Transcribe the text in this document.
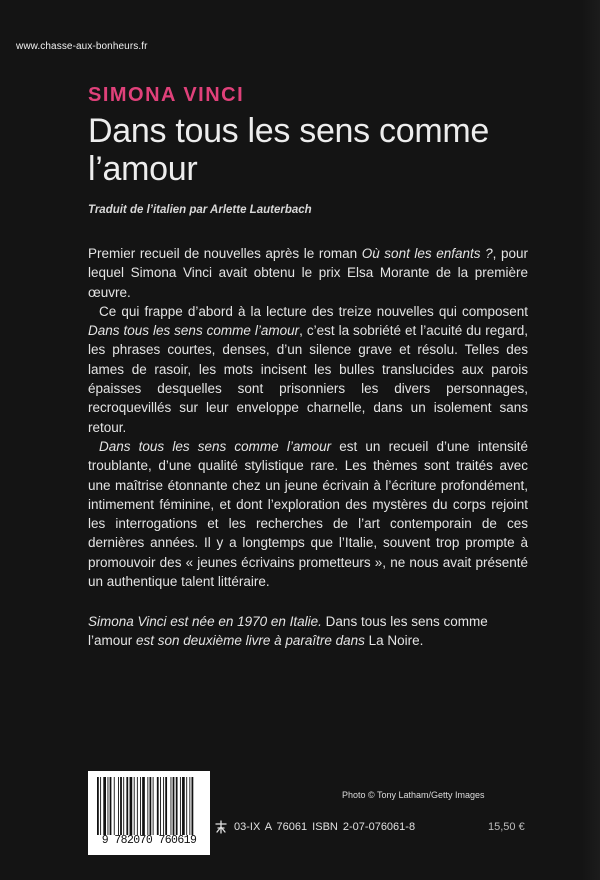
www.chasse-aux-bonheurs.fr
SIMONA VINCI
Dans tous les sens comme l’amour

Traduit de l’italien par Arlette Lauterbach

Premier recueil de nouvelles après le roman Où sont les enfants ?, pour lequel Simona Vinci avait obtenu le prix Elsa Morante de la première œuvre.

Ce qui frappe d’abord à la lecture des treize nouvelles qui composent Dans tous les sens comme l’amour, c’est la sobriété et l’acuité du regard, les phrases courtes, denses, d’un silence grave et résolu. Telles des lames de rasoir, les mots incisent les bulles translucides aux parois épaisses desquelles sont prisonniers les divers personnages, recroquevillés sur leur enveloppe charnelle, dans un isolement sans retour.

Dans tous les sens comme l’amour est un recueil d’une intensité troublante, d’une qualité stylistique rare. Les thèmes sont traités avec une maîtrise étonnante chez un jeune écrivain à l’écriture profondément, intimement féminine, et dont l’exploration des mystères du corps rejoint les interrogations et les recherches de l’art contemporain de ces dernières années. Il y a longtemps que l’Italie, souvent trop prompte à promouvoir des « jeunes écrivains prometteurs », ne nous avait présenté un authentique talent littéraire.

Simona Vinci est née en 1970 en Italie. Dans tous les sens comme l’amour est son deuxième livre à paraître dans La Noire.

Photo © Tony Latham/Getty Images
9 782070 760619
03-IX A 76061 ISBN 2-07-076061-8	15,50 €
